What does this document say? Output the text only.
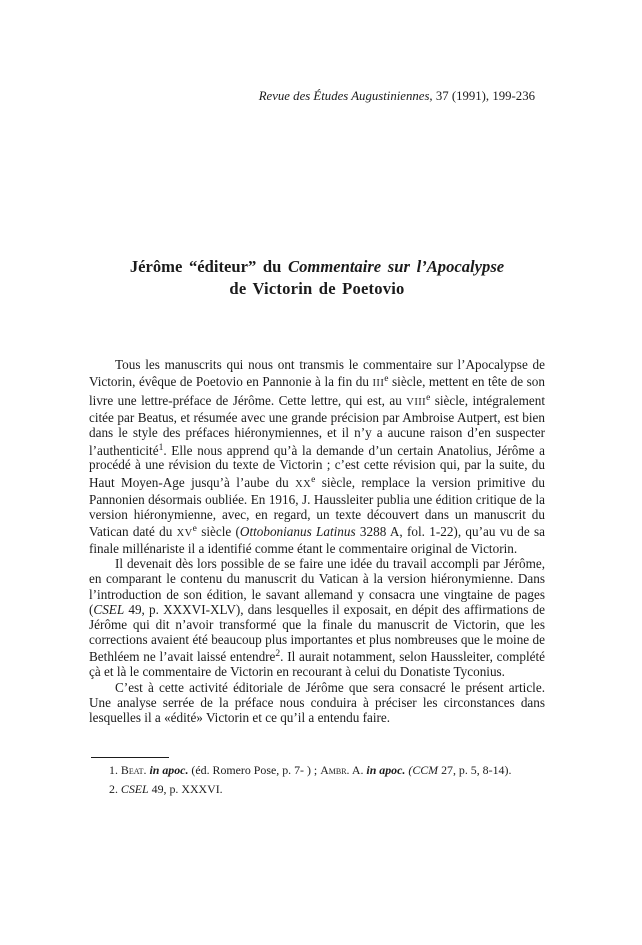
Revue des Études Augustiniennes, 37 (1991), 199-236
Jérôme “éditeur” du Commentaire sur l’Apocalypse
de Victorin de Poetovio

Tous les manuscrits qui nous ont transmis le commentaire sur l’Apocalypse de Victorin, évêque de Poetovio en Pannonie à la fin du IIIe siècle, mettent en tête de son livre une lettre-préface de Jérôme. Cette lettre, qui est, au VIIIe siècle, intégralement citée par Beatus, et résumée avec une grande précision par Ambroise Autpert, est bien dans le style des préfaces hiéronymiennes, et il n’y a aucune raison d’en suspecter l’authenticité$^1$. Elle nous apprend qu’à la demande d’un certain Anatolius, Jérôme a procédé à une révision du texte de Victorin ; c’est cette révision qui, par la suite, du Haut Moyen-Age jusqu’à l’aube du XXe siècle, remplace la version primitive du Pannonien désormais oubliée. En 1916, J. Haussleiter publia une édition critique de la version hiéronymienne, avec, en regard, un texte découvert dans un manuscrit du Vatican daté du XVe siècle (Ottobonianus Latinus 3288 A, fol. 1-22), qu’au vu de sa finale millénariste il a identifié comme étant le commentaire original de Victorin.

Il devenait dès lors possible de se faire une idée du travail accompli par Jérôme, en comparant le contenu du manuscrit du Vatican à la version hiéronymienne. Dans l’introduction de son édition, le savant allemand y consacra une vingtaine de pages (CSEL 49, p. XXXVI-XLV), dans lesquelles il exposait, en dépit des affirmations de Jérôme qui dit n’avoir transformé que la finale du manuscrit de Victorin, que les corrections avaient été beaucoup plus importantes et plus nombreuses que le moine de Bethléem ne l’avait laissé entendre$^2$. Il aurait notamment, selon Haussleiter, complété çà et là le commentaire de Victorin en recourant à celui du Donatiste Tyconius.

C’est à cette activité éditoriale de Jérôme que sera consacré le présent article. Une analyse serrée de la préface nous conduira à préciser les circonstances dans lesquelles il a «édité» Victorin et ce qu’il a entendu faire.

1. Beat. in apoc. (éd. Romero Pose, p. 7- ) ; Ambr. A. in apoc. (CCM 27, p. 5, 8-14).

2. CSEL 49, p. XXXVI.
